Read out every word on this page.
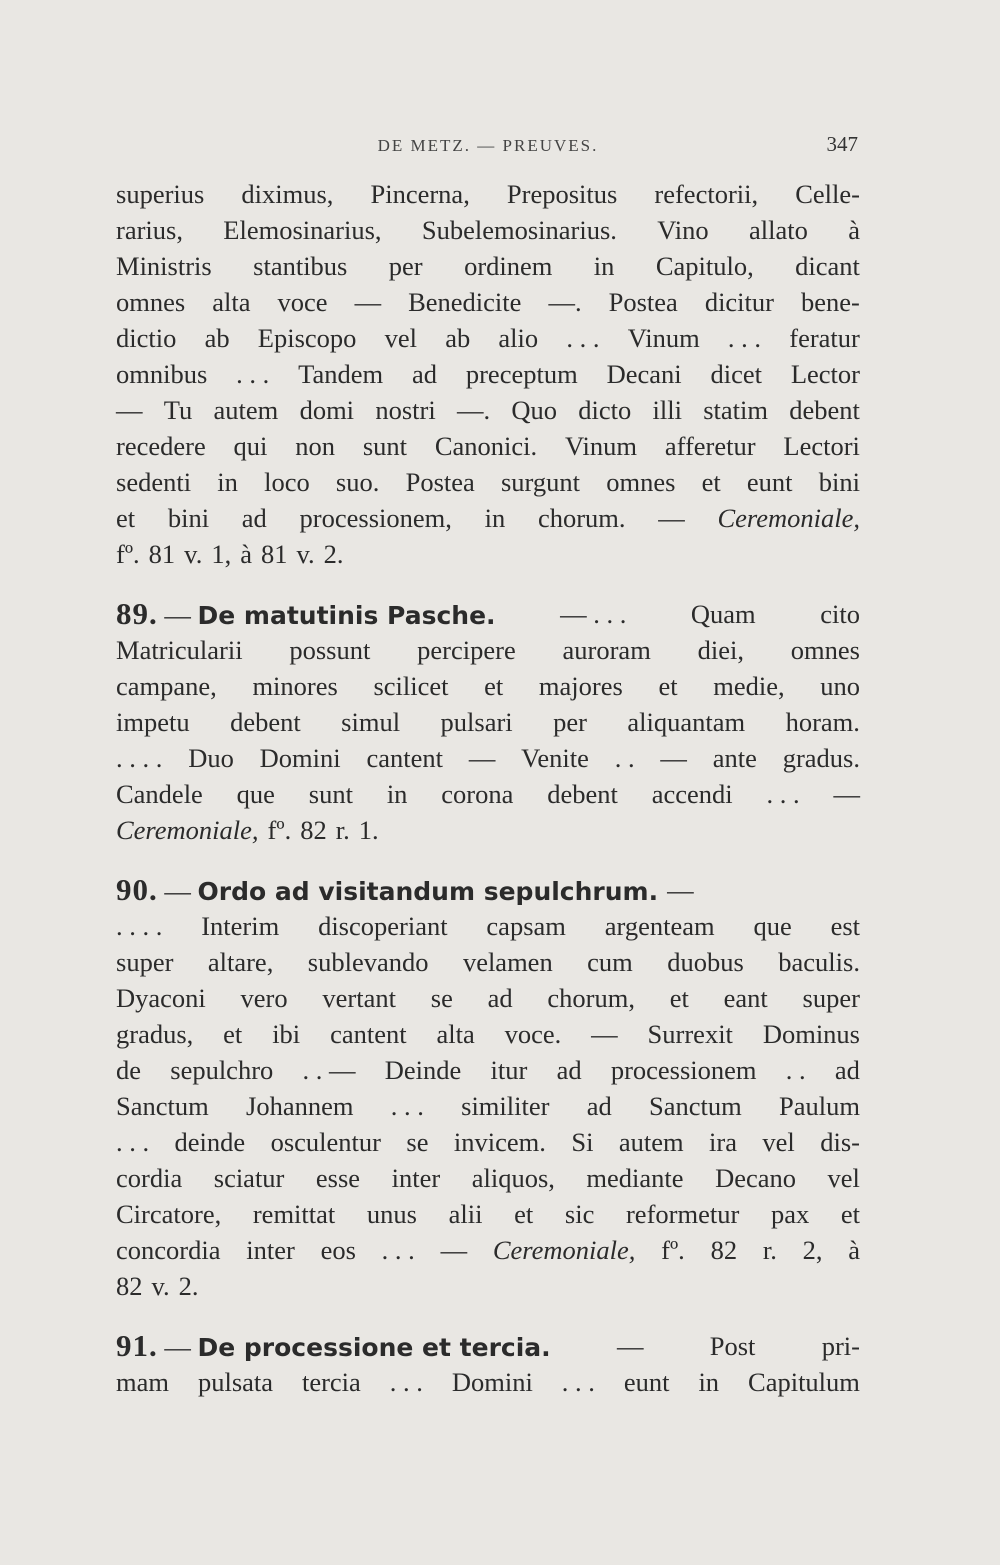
DE METZ. — PREUVES.	347
superius diximus, Pincerna, Prepositus refectorii, Celle-
rarius, Elemosinarius, Subelemosinarius. Vino allato à
Ministris stantibus per ordinem in Capitulo, dicant
omnes alta voce — Benedicite —. Postea dicitur bene-
dictio ab Episcopo vel ab alio . . . Vinum . . . feratur
omnibus . . . Tandem ad preceptum Decani dicet Lector
— Tu autem domi nostri —. Quo dicto illi statim debent
recedere qui non sunt Canonici. Vinum afferetur Lectori
sedenti in loco suo. Postea surgunt omnes et eunt bini
et bini ad processionem, in chorum. — Ceremoniale,
fº. 81 v. 1, à 81 v. 2.
89. — De matutinis Pasche. — . . . Quam cito
Matricularii possunt percipere auroram diei, omnes
campane, minores scilicet et majores et medie, uno
impetu debent simul pulsari per aliquantam horam.
. . . . Duo Domini cantent — Venite . . — ante gradus.
Candele que sunt in corona debent accendi . . . —
Ceremoniale, fº. 82 r. 1.
90. — Ordo ad visitandum sepulchrum. —
. . . . Interim discoperiant capsam argenteam que est
super altare, sublevando velamen cum duobus baculis.
Dyaconi vero vertant se ad chorum, et eant super
gradus, et ibi cantent alta voce. — Surrexit Dominus
de sepulchro . . — Deinde itur ad processionem . . ad
Sanctum Johannem . . . similiter ad Sanctum Paulum
. . . deinde osculentur se invicem. Si autem ira vel dis-
cordia sciatur esse inter aliquos, mediante Decano vel
Circatore, remittat unus alii et sic reformetur pax et
concordia inter eos . . . — Ceremoniale, fº. 82 r. 2, à
82 v. 2.
91. — De processione et tercia.	—	Post	pri-
mam pulsata tercia . . . Domini . . . eunt in Capitulum
